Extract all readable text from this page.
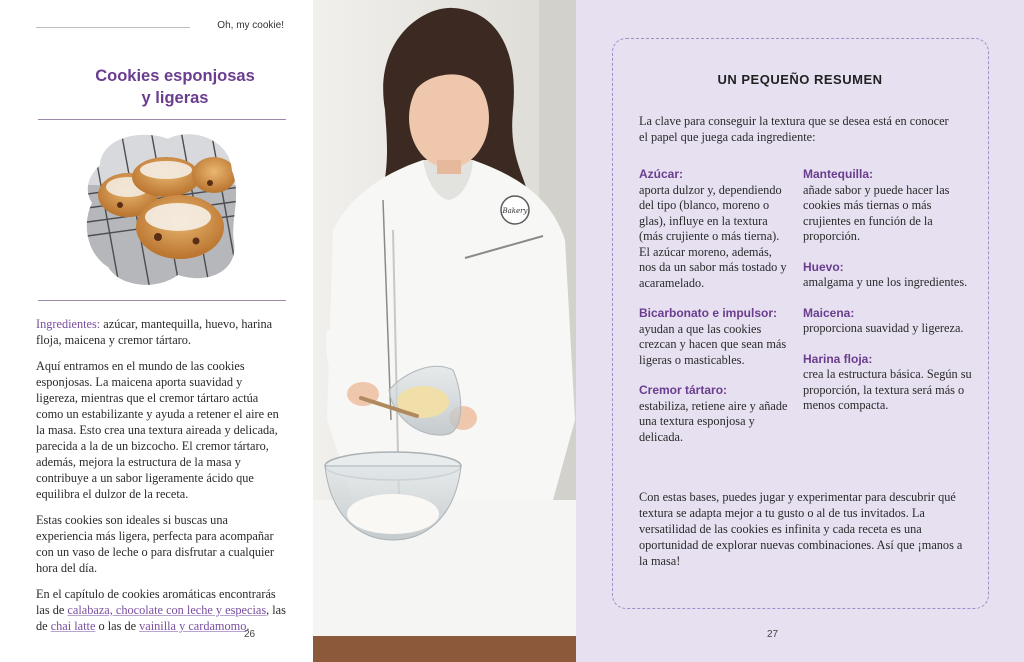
Oh, my cookie!
Cookies esponjosas
y ligeras

Ingredientes: azúcar, mantequilla, huevo, harina floja, maicena y cremor tártaro.

Aquí entramos en el mundo de las cookies esponjosas. La maicena aporta suavidad y ligereza, mientras que el cremor tártaro actúa como un estabilizante y ayuda a retener el aire en la masa. Esto crea una textura aireada y delicada, parecida a la de un bizcocho. El cremor tártaro, además, mejora la estructura de la masa y contribuye a un sabor ligeramente ácido que equilibra el dulzor de la receta.

Estas cookies son ideales si buscas una experiencia más ligera, perfecta para acompañar con un vaso de leche o para disfrutar a cualquier hora del día.

En el capítulo de cookies aromáticas encontrarás las de calabaza, chocolate con leche y especias, las de chai latte o las de vainilla y cardamomo.

26
Bakery
UN PEQUEÑO RESUMEN
La clave para conseguir la textura que se desea está en conocer el papel que juega cada ingrediente:
Azúcar:
aporta dulzor y, dependiendo del tipo (blanco, moreno o glas), influye en la textura (más crujiente o más tierna). El azúcar moreno, además, nos da un sabor más tostado y acaramelado.
Bicarbonato e impulsor:
ayudan a que las cookies crezcan y hacen que sean más ligeras o masticables.
Cremor tártaro:
estabiliza, retiene aire y añade una textura esponjosa y delicada.
Mantequilla:
añade sabor y puede hacer las cookies más tiernas o más crujientes en función de la proporción.
Huevo:
amalgama y une los ingredientes.
Maicena:
proporciona suavidad y ligereza.
Harina floja:
crea la estructura básica. Según su proporción, la textura será más o menos compacta.
Con estas bases, puedes jugar y experimentar para descubrir qué textura se adapta mejor a tu gusto o al de tus invitados. La versatilidad de las cookies es infinita y cada receta es una oportunidad de explorar nuevas combinaciones. Así que ¡manos a la masa!
27
